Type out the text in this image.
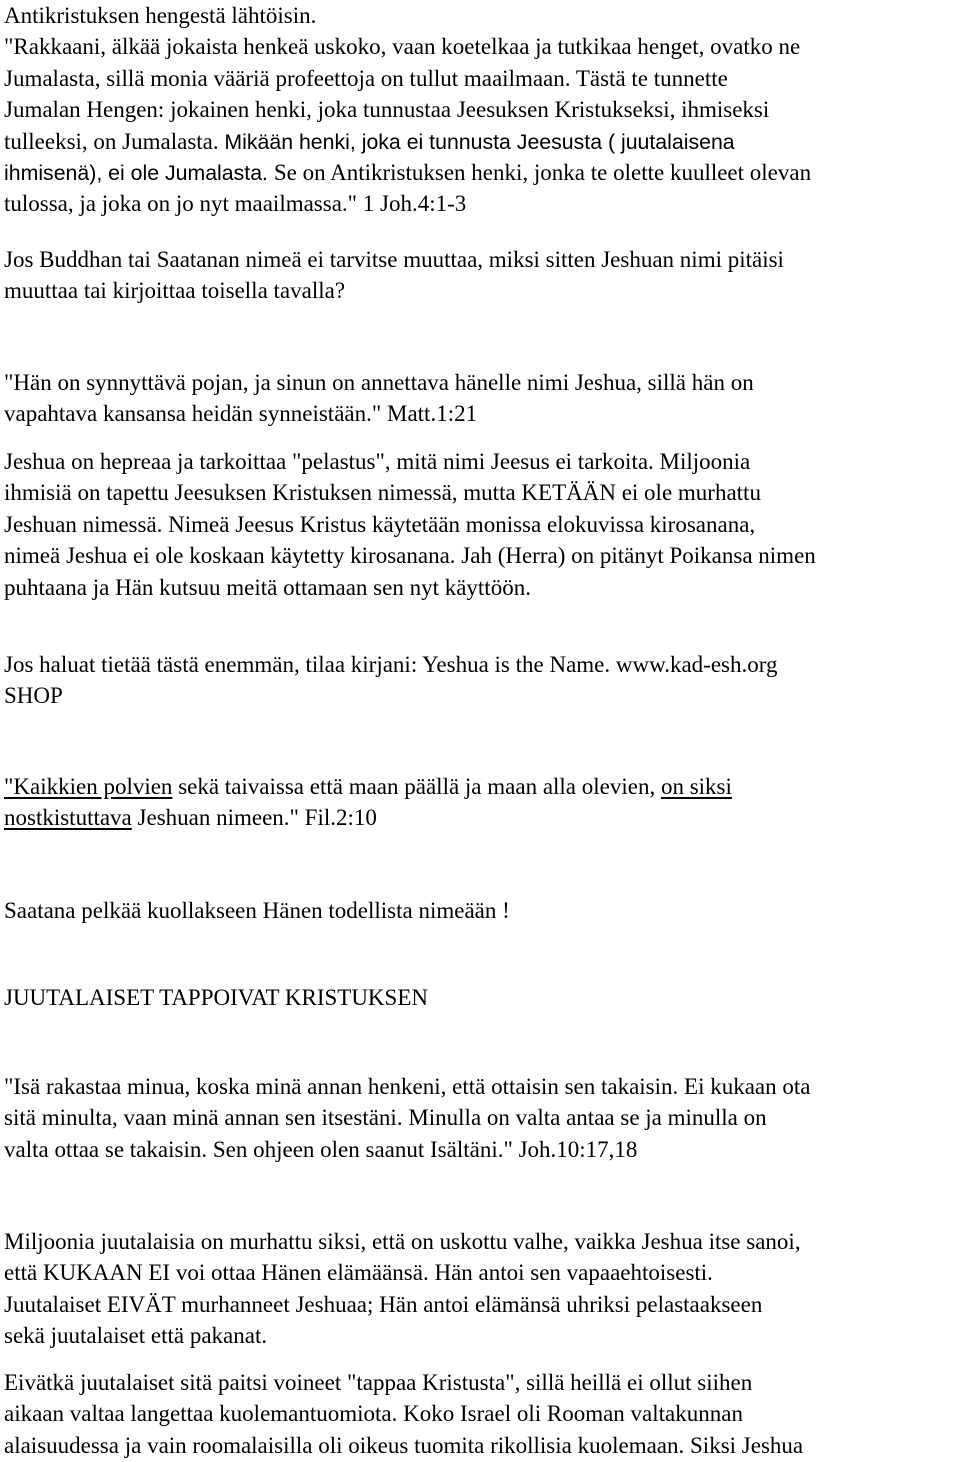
Antikristuksen hengestä lähtöisin.
"Rakkaani, älkää jokaista henkeä uskoko, vaan koetelkaa ja tutkikaa henget, ovatko ne
Jumalasta, sillä monia vääriä profeettoja on tullut maailmaan. Tästä te tunnette
Jumalan Hengen: jokainen henki, joka tunnustaa Jeesuksen Kristukseksi, ihmiseksi
tulleeksi, on Jumalasta. Mikään henki, joka ei tunnusta Jeesusta ( juutalaisena
ihmisenä), ei ole Jumalasta. Se on Antikristuksen henki, jonka te olette kuulleet olevan
tulossa, ja joka on jo nyt maailmassa." 1 Joh.4:1-3
Jos Buddhan tai Saatanan nimeä ei tarvitse muuttaa, miksi sitten Jeshuan nimi pitäisi
muuttaa tai kirjoittaa toisella tavalla?
"Hän on synnyttävä pojan, ja sinun on annettava hänelle nimi Jeshua, sillä hän on
vapahtava kansansa heidän synneistään." Matt.1:21
Jeshua on hepreaa ja tarkoittaa "pelastus", mitä nimi Jeesus ei tarkoita. Miljoonia
ihmisiä on tapettu Jeesuksen Kristuksen nimessä, mutta KETÄÄN ei ole murhattu
Jeshuan nimessä. Nimeä Jeesus Kristus käytetään monissa elokuvissa kirosanana,
nimeä Jeshua ei ole koskaan käytetty kirosanana. Jah (Herra) on pitänyt Poikansa nimen
puhtaana ja Hän kutsuu meitä ottamaan sen nyt käyttöön.
Jos haluat tietää tästä enemmän, tilaa kirjani: Yeshua is the Name. www.kad-esh.org
SHOP
"Kaikkien polvien sekä taivaissa että maan päällä ja maan alla olevien, on siksi
nostkistuttava Jeshuan nimeen." Fil.2:10
Saatana pelkää kuollakseen Hänen todellista nimeään !
JUUTALAISET TAPPOIVAT KRISTUKSEN
"Isä rakastaa minua, koska minä annan henkeni, että ottaisin sen takaisin. Ei kukaan ota
sitä minulta, vaan minä annan sen itsestäni. Minulla on valta antaa se ja minulla on
valta ottaa se takaisin. Sen ohjeen olen saanut Isältäni." Joh.10:17,18
Miljoonia juutalaisia on murhattu siksi, että on uskottu valhe, vaikka Jeshua itse sanoi,
että KUKAAN EI voi ottaa Hänen elämäänsä. Hän antoi sen vapaaehtoisesti.
Juutalaiset EIVÄT murhanneet Jeshuaa; Hän antoi elämänsä uhriksi pelastaakseen
sekä juutalaiset että pakanat.
Eivätkä juutalaiset sitä paitsi voineet "tappaa Kristusta", sillä heillä ei ollut siihen
aikaan valtaa langettaa kuolemantuomiota. Koko Israel oli Rooman valtakunnan
alaisuudessa ja vain roomalaisilla oli oikeus tuomita rikollisia kuolemaan. Siksi Jeshua
